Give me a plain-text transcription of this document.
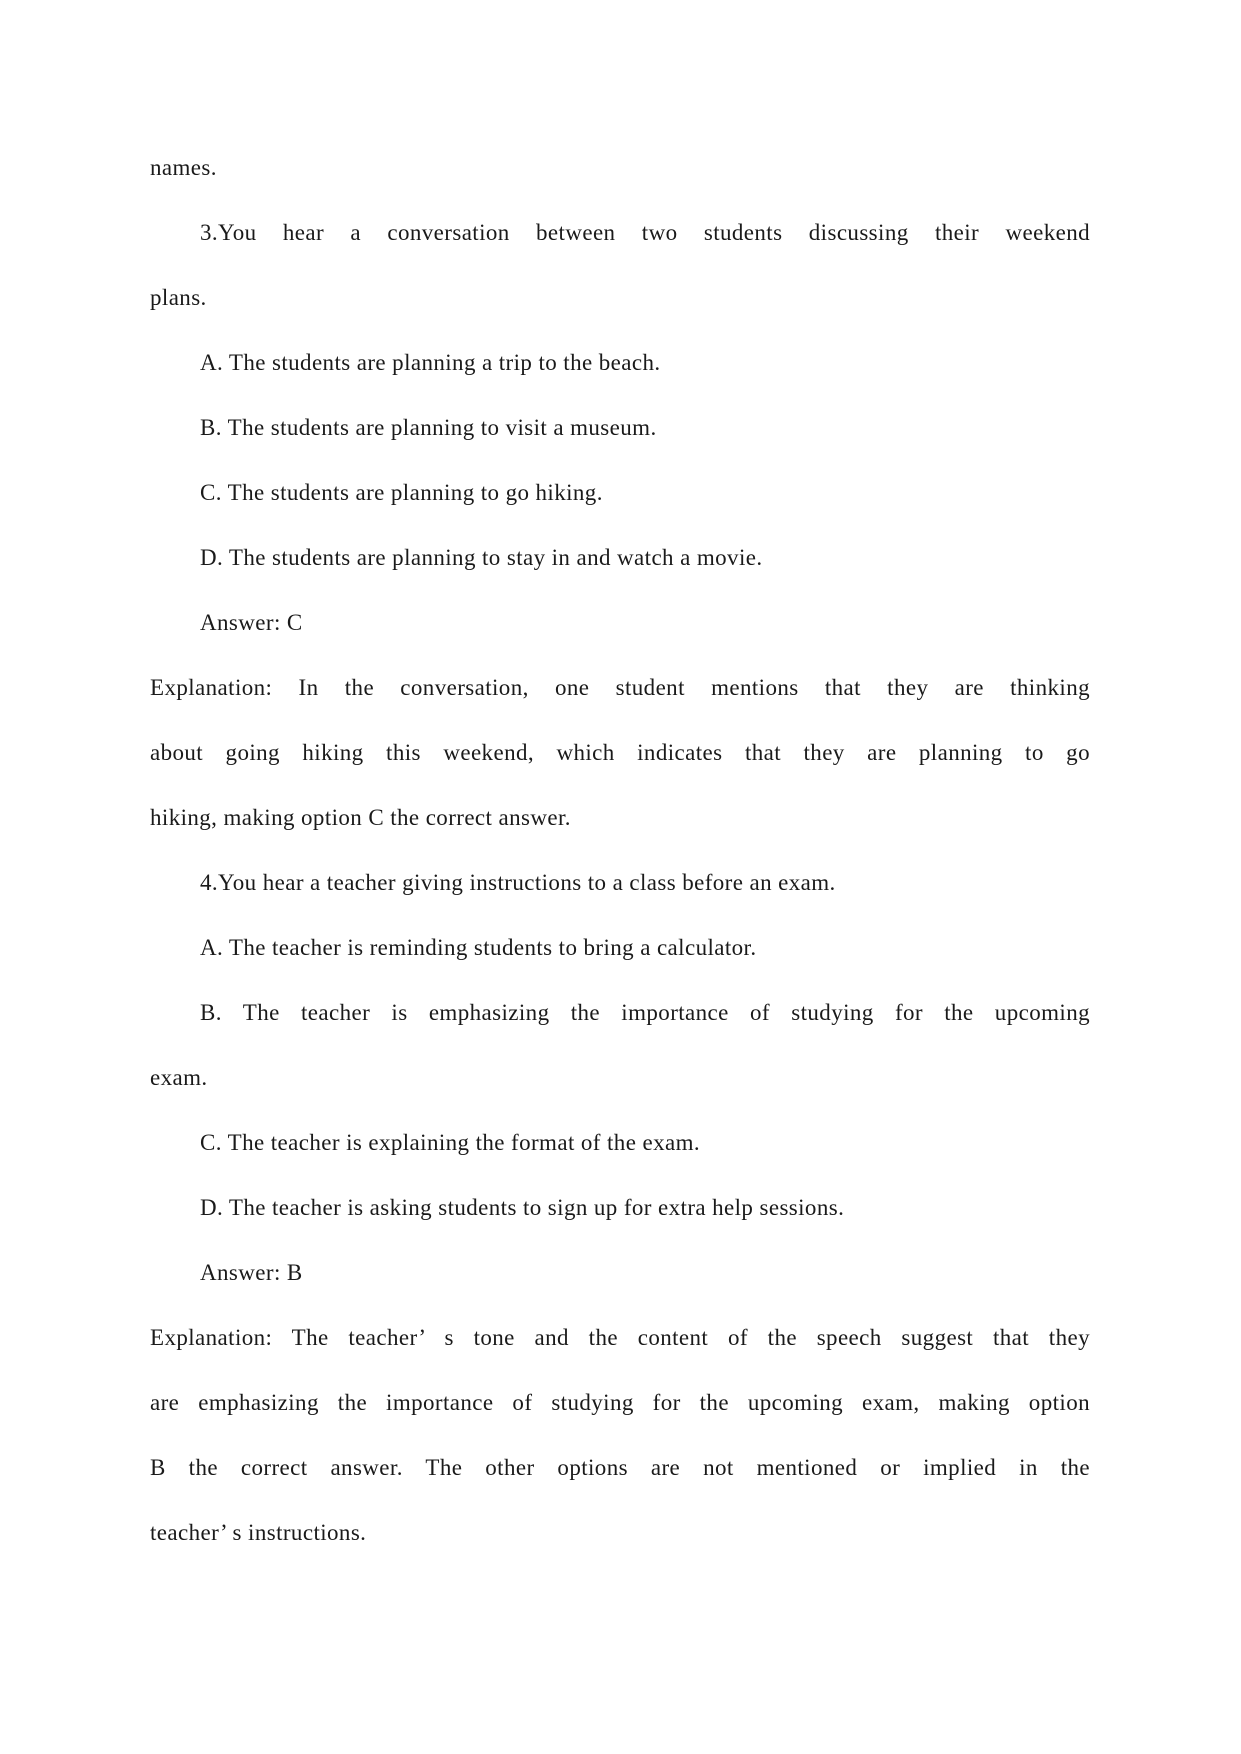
names.
3.You hear a conversation between two students discussing their weekend
plans.
A. The students are planning a trip to the beach.
B. The students are planning to visit a museum.
C. The students are planning to go hiking.
D. The students are planning to stay in and watch a movie.
Answer: C
Explanation: In the conversation, one student mentions that they are thinking
about going hiking this weekend, which indicates that they are planning to go
hiking, making option C the correct answer.
4.You hear a teacher giving instructions to a class before an exam.
A. The teacher is reminding students to bring a calculator.
B. The teacher is emphasizing the importance of studying for the upcoming
exam.
C. The teacher is explaining the format of the exam.
D. The teacher is asking students to sign up for extra help sessions.
Answer: B
Explanation: The teacher’ s tone and the content of the speech suggest that they
are emphasizing the importance of studying for the upcoming exam, making option
B the correct answer. The other options are not mentioned or implied in the
teacher’ s instructions.
